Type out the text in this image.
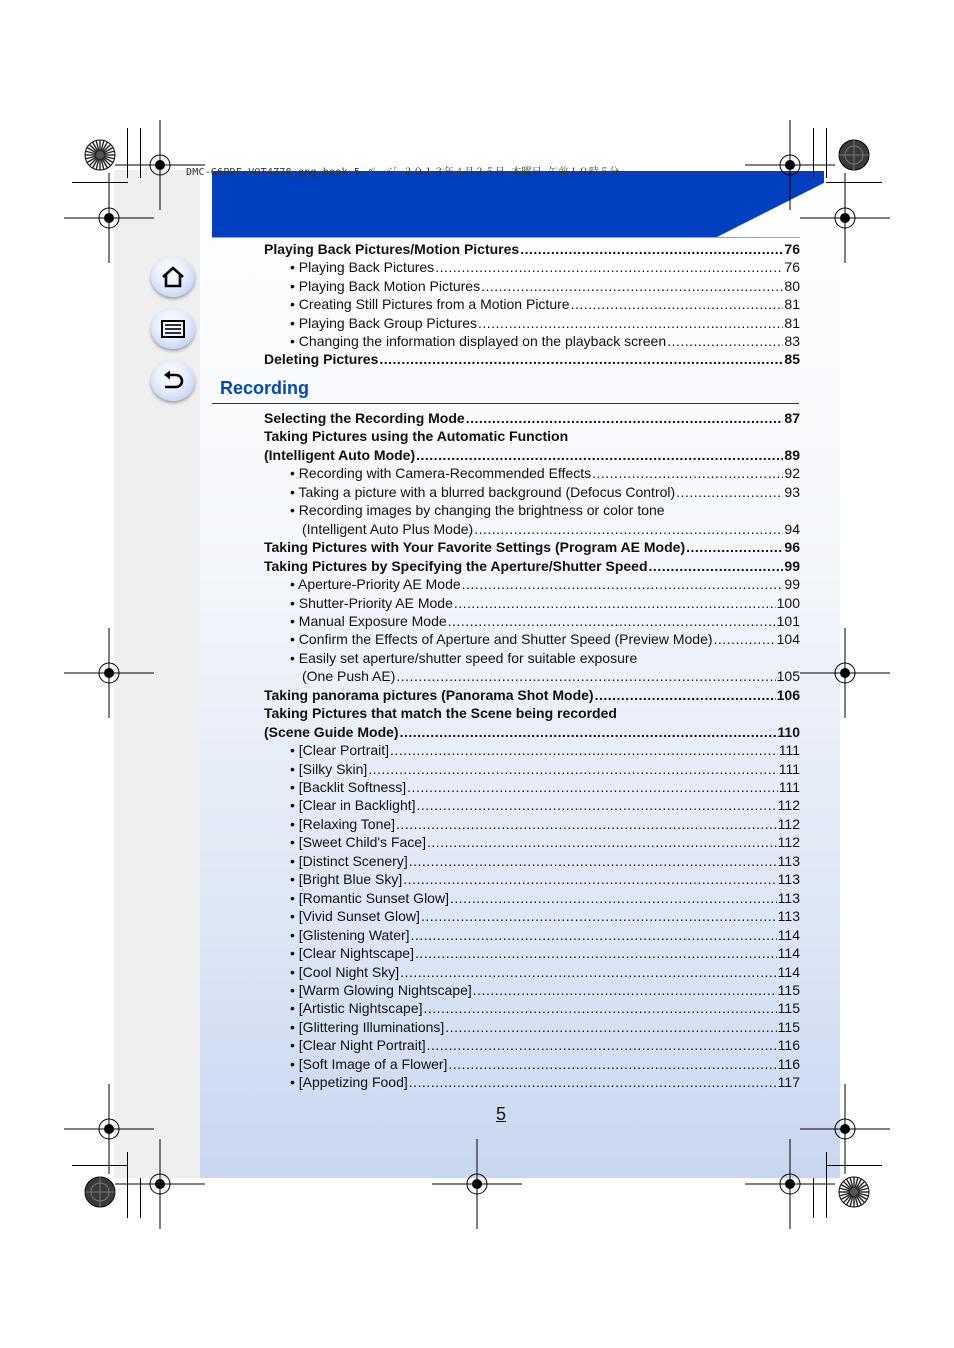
DMC-G6PDF-VQT4Z78_eng.book 5 ページ ２０１３年４月２５日 木曜日 午前１０時５分
Recording
Playing Back Pictures/Motion Pictures .....	76
• Playing Back Pictures .....	76
• Playing Back Motion Pictures .....	80
• Creating Still Pictures from a Motion Picture .....	81
• Playing Back Group Pictures .....	81
• Changing the information displayed on the playback screen .....	83
Deleting Pictures .....	85
Selecting the Recording Mode .....	87
Taking Pictures using the Automatic Function
(Intelligent Auto Mode) .....	89
• Recording with Camera-Recommended Effects .....	92
• Taking a picture with a blurred background (Defocus Control) .....	93
• Recording images by changing the brightness or color tone
(Intelligent Auto Plus Mode) .....	94
Taking Pictures with Your Favorite Settings (Program AE Mode) .....	96
Taking Pictures by Specifying the Aperture/Shutter Speed .....	99
• Aperture-Priority AE Mode .....	99
• Shutter-Priority AE Mode .....	100
• Manual Exposure Mode .....	101
• Confirm the Effects of Aperture and Shutter Speed (Preview Mode) .....	104
• Easily set aperture/shutter speed for suitable exposure
(One Push AE) .....	105
Taking panorama pictures (Panorama Shot Mode) .....	106
Taking Pictures that match the Scene being recorded
(Scene Guide Mode) .....	110
• [Clear Portrait] .....	111
• [Silky Skin] .....	111
• [Backlit Softness] .....	111
• [Clear in Backlight] .....	112
• [Relaxing Tone] .....	112
• [Sweet Child's Face] .....	112
• [Distinct Scenery] .....	113
• [Bright Blue Sky] .....	113
• [Romantic Sunset Glow] .....	113
• [Vivid Sunset Glow] .....	113
• [Glistening Water] .....	114
• [Clear Nightscape] .....	114
• [Cool Night Sky] .....	114
• [Warm Glowing Nightscape] .....	115
• [Artistic Nightscape] .....	115
• [Glittering Illuminations] .....	115
• [Clear Night Portrait] .....	116
• [Soft Image of a Flower] .....	116
• [Appetizing Food] .....	117
5
